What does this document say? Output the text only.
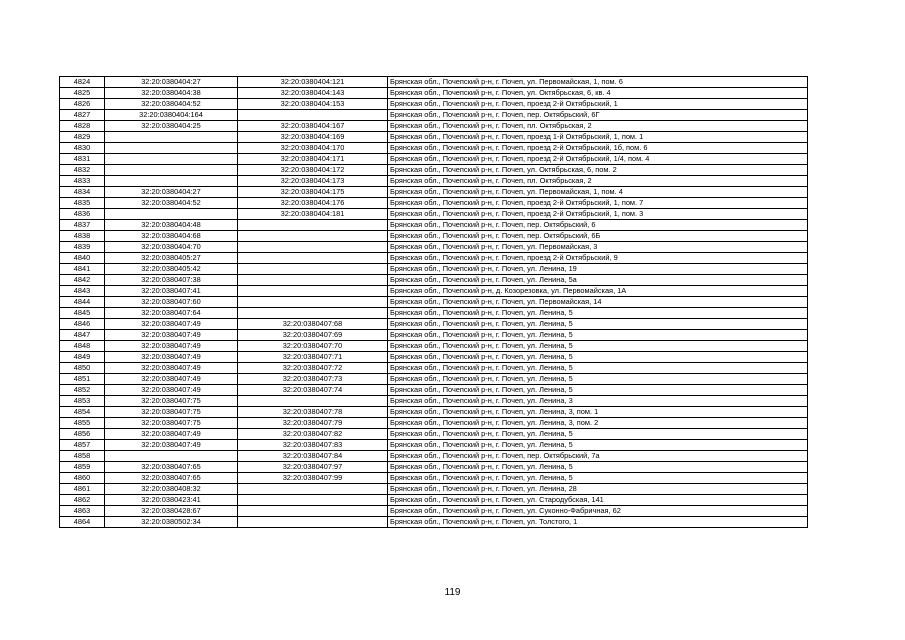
4824	32:20:0380404:27	32:20:0380404:121	Брянская обл., Почепский р-н, г. Почеп, ул. Первомайская, 1, пом. 6
4825	32:20:0380404:38	32:20:0380404:143	Брянская обл., Почепский р-н, г. Почеп, ул. Октябрьская, 6, кв. 4
4826	32:20:0380404:52	32:20:0380404:153	Брянская обл., Почепский р-н, г. Почеп, проезд 2-й Октябрьский, 1
4827	32:20:0380404:164		Брянская обл., Почепский р-н, г. Почеп, пер. Октябрьский, 6Г
4828	32:20:0380404:25	32:20:0380404:167	Брянская обл., Почепский р-н, г. Почеп, пл. Октябрьская, 2
4829		32:20:0380404:169	Брянская обл., Почепский р-н, г. Почеп, проезд 1-й Октябрьский, 1, пом. 1
4830		32:20:0380404:170	Брянская обл., Почепский р-н, г. Почеп, проезд 2-й Октябрьский, 1б, пом. 6
4831		32:20:0380404:171	Брянская обл., Почепский р-н, г. Почеп, проезд 2-й Октябрьский, 1/4, пом. 4
4832		32:20:0380404:172	Брянская обл., Почепский р-н, г. Почеп, ул. Октябрьская, 6, пом. 2
4833		32:20:0380404:173	Брянская обл., Почепский р-н, г. Почеп, пл. Октябрьская, 2
4834	32:20:0380404:27	32:20:0380404:175	Брянская обл., Почепский р-н, г. Почеп, ул. Первомайская, 1, пом. 4
4835	32:20:0380404:52	32:20:0380404:176	Брянская обл., Почепский р-н, г. Почеп, проезд 2-й Октябрьский, 1, пом. 7
4836		32:20:0380404:181	Брянская обл., Почепский р-н, г. Почеп, проезд 2-й Октябрьский, 1, пом. 3
4837	32:20:0380404:48		Брянская обл., Почепский р-н, г. Почеп, пер. Октябрьский, 6
4838	32:20:0380404:68		Брянская обл., Почепский р-н, г. Почеп, пер. Октябрьский, 6Б
4839	32:20:0380404:70		Брянская обл., Почепский р-н, г. Почеп, ул. Первомайская, 3
4840	32:20:0380405:27		Брянская обл., Почепский р-н, г. Почеп, проезд 2-й Октябрьский, 9
4841	32:20:0380405:42		Брянская обл., Почепский р-н, г. Почеп, ул. Ленина, 19
4842	32:20:0380407:38		Брянская обл., Почепский р-н, г. Почеп, ул. Ленина, 5а
4843	32:20:0380407:41		Брянская обл., Почепский р-н, д. Козорезовка, ул. Первомайская, 1А
4844	32:20:0380407:60		Брянская обл., Почепский р-н, г. Почеп, ул. Первомайская, 14
4845	32:20:0380407:64		Брянская обл., Почепский р-н, г. Почеп, ул. Ленина, 5
4846	32:20:0380407:49	32:20:0380407:68	Брянская обл., Почепский р-н, г. Почеп, ул. Ленина, 5
4847	32:20:0380407:49	32:20:0380407:69	Брянская обл., Почепский р-н, г. Почеп, ул. Ленина, 5
4848	32:20:0380407:49	32:20:0380407:70	Брянская обл., Почепский р-н, г. Почеп, ул. Ленина, 5
4849	32:20:0380407:49	32:20:0380407:71	Брянская обл., Почепский р-н, г. Почеп, ул. Ленина, 5
4850	32:20:0380407:49	32:20:0380407:72	Брянская обл., Почепский р-н, г. Почеп, ул. Ленина, 5
4851	32:20:0380407:49	32:20:0380407:73	Брянская обл., Почепский р-н, г. Почеп, ул. Ленина, 5
4852	32:20:0380407:49	32:20:0380407:74	Брянская обл., Почепский р-н, г. Почеп, ул. Ленина, 5
4853	32:20:0380407:75		Брянская обл., Почепский р-н, г. Почеп, ул. Ленина, 3
4854	32:20:0380407:75	32:20:0380407:78	Брянская обл., Почепский р-н, г. Почеп, ул. Ленина, 3, пом. 1
4855	32:20:0380407:75	32:20:0380407:79	Брянская обл., Почепский р-н, г. Почеп, ул. Ленина, 3, пом. 2
4856	32:20:0380407:49	32:20:0380407:82	Брянская обл., Почепский р-н, г. Почеп, ул. Ленина, 5
4857	32:20:0380407:49	32:20:0380407:83	Брянская обл., Почепский р-н, г. Почеп, ул. Ленина, 5
4858		32:20:0380407:84	Брянская обл., Почепский р-н, г. Почеп, пер. Октябрьский, 7а
4859	32:20:0380407:65	32:20:0380407:97	Брянская обл., Почепский р-н, г. Почеп, ул. Ленина, 5
4860	32:20:0380407:65	32:20:0380407:99	Брянская обл., Почепский р-н, г. Почеп, ул. Ленина, 5
4861	32:20:0380408:32		Брянская обл., Почепский р-н, г. Почеп, ул. Ленина, 28
4862	32:20:0380423:41		Брянская обл., Почепский р-н, г. Почеп, ул. Стародубская, 141
4863	32:20:0380428:67		Брянская обл., Почепский р-н, г. Почеп, ул. Суконно-Фабричная, 62
4864	32:20:0380502:34		Брянская обл., Почепский р-н, г. Почеп, ул. Толстого, 1
119
